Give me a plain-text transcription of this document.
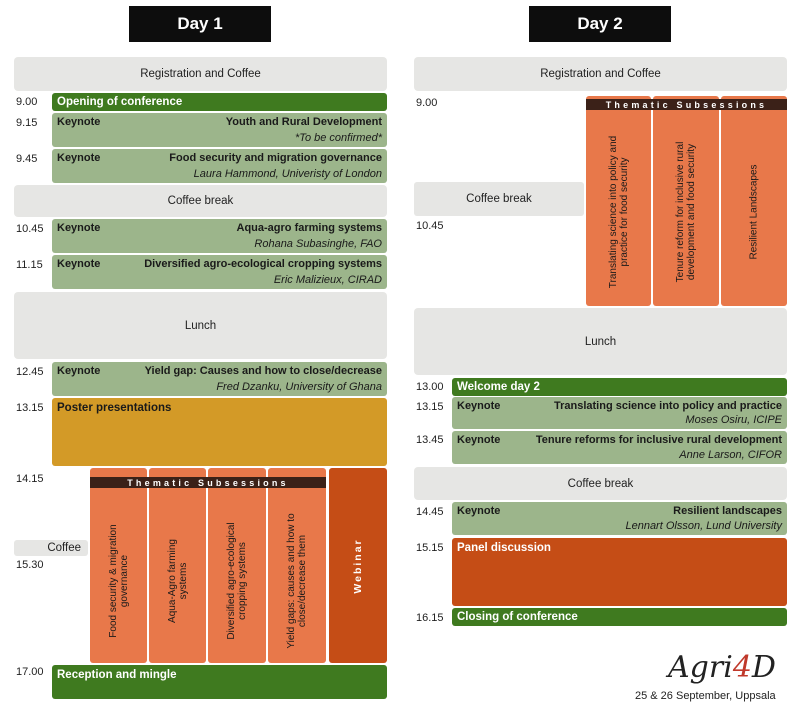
Day 1
Registration and Coffee
9.00	Opening of conference
9.15 Keynote	Youth and Rural Development
*To be confirmed*
9.45 Keynote	Food security and migration governance
Laura Hammond, Univeristy of London
Coffee break
10.45 Keynote	Aqua-agro farming systems
Rohana Subasinghe, FAO
11.15 Keynote	Diversified agro-ecological cropping systems
Eric Malizieux, CIRAD
Lunch
12.45 Keynote	Yield gap: Causes and how to close/decrease
Fred Dzanku, University of Ghana
13.15	Poster presentations
14.15
Food security & migration governance	Aqua-Agro farming systems	Diversified agro-ecological cropping systems	Yield gaps: causes and how to close/decrease them	Webinar
Thematic Subsessions
Coffee
15.30
17.00	Reception and mingle
Day 2
Registration and Coffee
9.00
Translating science into policy and practice for food security	Tenure reform for inclusive rural development and food security	Resilient Landscapes
Thematic Subsessions
Coffee break
10.45
Lunch
13.00	Welcome day 2
13.15 Keynote	Translating science into policy and practice
Moses Osiru, ICIPE
13.45 Keynote	Tenure reforms for inclusive rural development
Anne Larson, CIFOR
Coffee break
14.45 Keynote	Resilient landscapes
Lennart Olsson, Lund University
15.15	Panel discussion
16.15	Closing of conference
Agri4D
25 & 26 September, Uppsala
